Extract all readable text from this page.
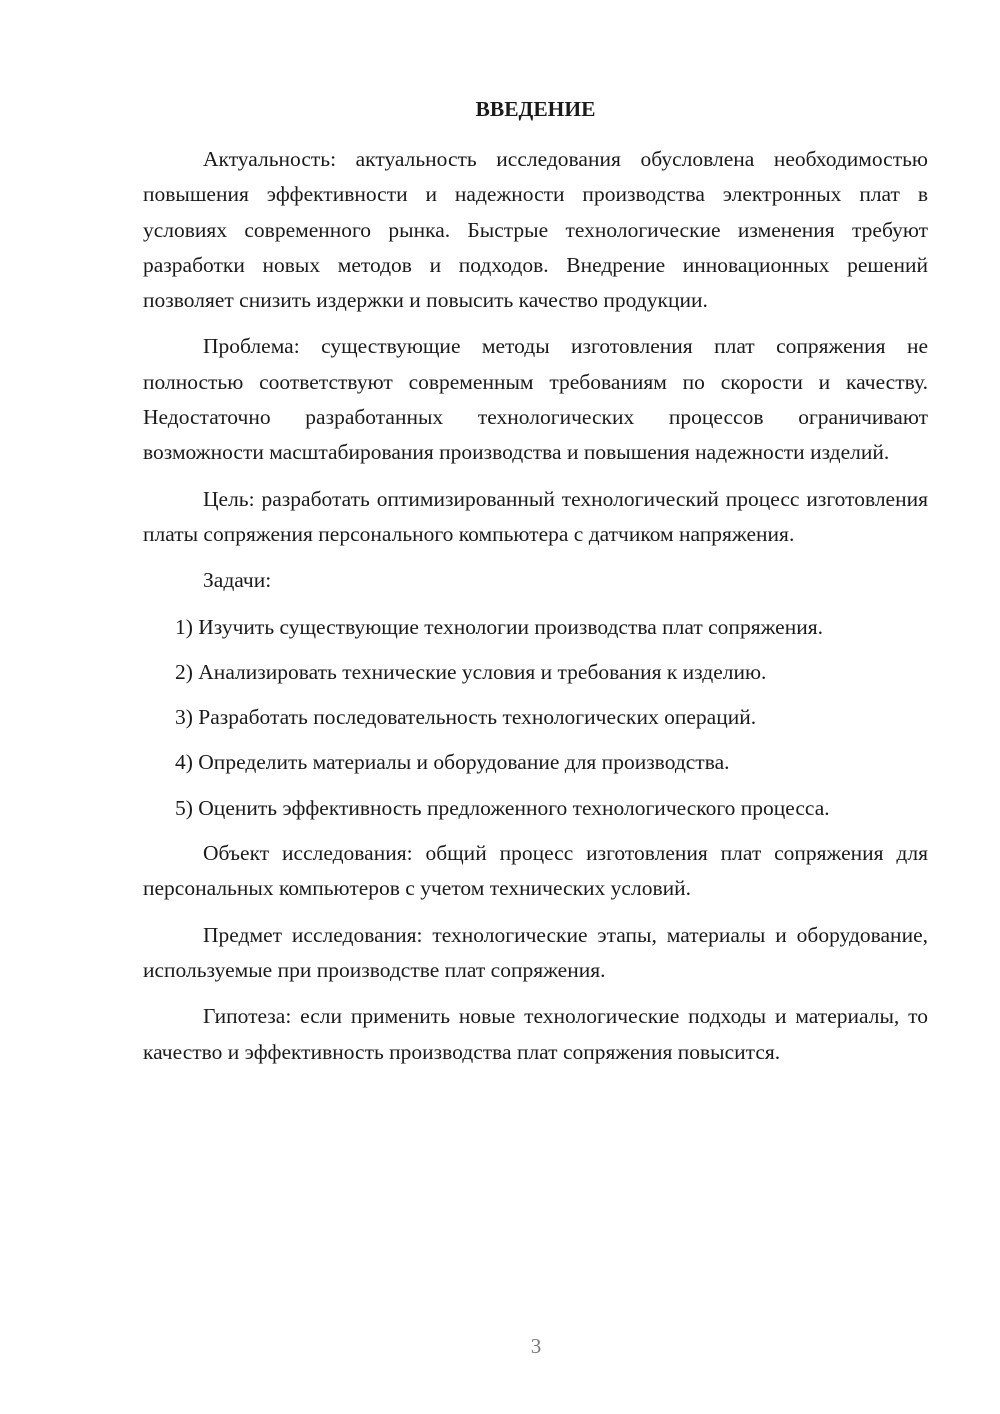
ВВЕДЕНИЕ

Актуальность: актуальность исследования обусловлена необходимостью повышения эффективности и надежности производства электронных плат в условиях современного рынка. Быстрые технологические изменения требуют разработки новых методов и подходов. Внедрение инновационных решений позволяет снизить издержки и повысить качество продукции.

Проблема: существующие методы изготовления плат сопряжения не полностью соответствуют современным требованиям по скорости и качеству. Недостаточно разработанных технологических процессов ограничивают возможности масштабирования производства и повышения надежности изделий.

Цель: разработать оптимизированный технологический процесс изготовления платы сопряжения персонального компьютера с датчиком напряжения.

Задачи:

1) Изучить существующие технологии производства плат сопряжения.

2) Анализировать технические условия и требования к изделию.

3) Разработать последовательность технологических операций.

4) Определить материалы и оборудование для производства.

5) Оценить эффективность предложенного технологического процесса.

Объект исследования: общий процесс изготовления плат сопряжения для персональных компьютеров с учетом технических условий.

Предмет исследования: технологические этапы, материалы и оборудование, используемые при производстве плат сопряжения.

Гипотеза: если применить новые технологические подходы и материалы, то качество и эффективность производства плат сопряжения повысится.

3
